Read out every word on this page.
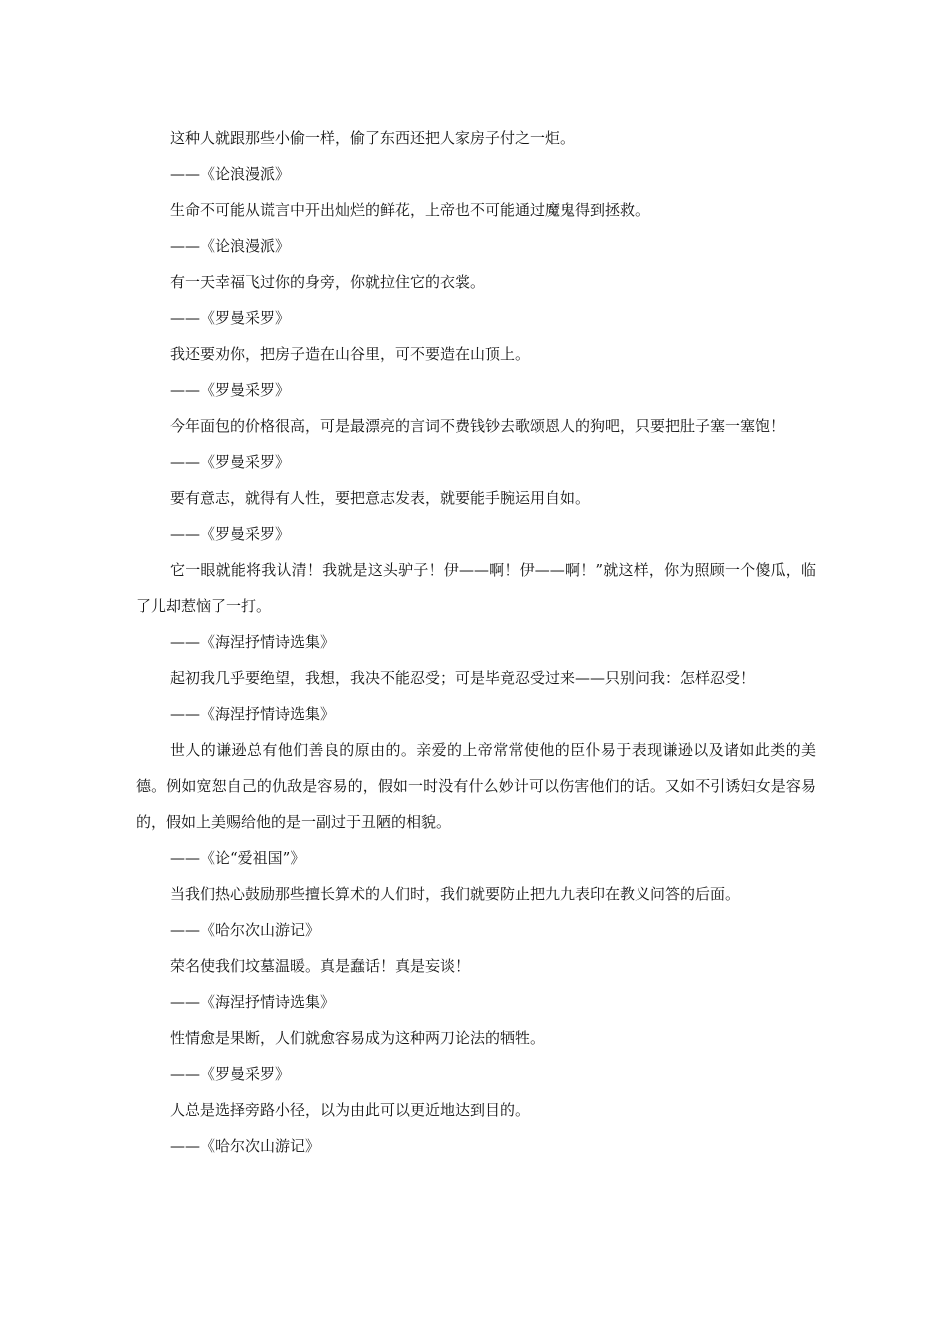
这种人就跟那些小偷一样，偷了东西还把人家房子付之一炬。

——《论浪漫派》

生命不可能从谎言中开出灿烂的鲜花，上帝也不可能通过魔鬼得到拯救。

——《论浪漫派》

有一天幸福飞过你的身旁，你就拉住它的衣裳。

——《罗曼采罗》

我还要劝你，把房子造在山谷里，可不要造在山顶上。

——《罗曼采罗》

今年面包的价格很高，可是最漂亮的言词不费钱钞去歌颂恩人的狗吧，只要把肚子塞一塞饱！

——《罗曼采罗》

要有意志，就得有人性，要把意志发表，就要能手腕运用自如。

——《罗曼采罗》

它一眼就能将我认清！我就是这头驴子！伊——啊！伊——啊！”就这样，你为照顾一个傻瓜，临了儿却惹恼了一打。

——《海涅抒情诗选集》

起初我几乎要绝望，我想，我决不能忍受；可是毕竟忍受过来——只别问我：怎样忍受！

——《海涅抒情诗选集》

世人的谦逊总有他们善良的原由的。亲爱的上帝常常使他的臣仆易于表现谦逊以及诸如此类的美德。例如宽恕自己的仇敌是容易的，假如一时没有什么妙计可以伤害他们的话。又如不引诱妇女是容易的，假如上美赐给他的是一副过于丑陋的相貌。

——《论“爱祖国”》

当我们热心鼓励那些擅长算术的人们时，我们就要防止把九九表印在教义问答的后面。

——《哈尔次山游记》

荣名使我们坟墓温暖。真是蠢话！真是妄谈！

——《海涅抒情诗选集》

性情愈是果断，人们就愈容易成为这种两刀论法的牺牲。

——《罗曼采罗》

人总是选择旁路小径，以为由此可以更近地达到目的。

——《哈尔次山游记》
